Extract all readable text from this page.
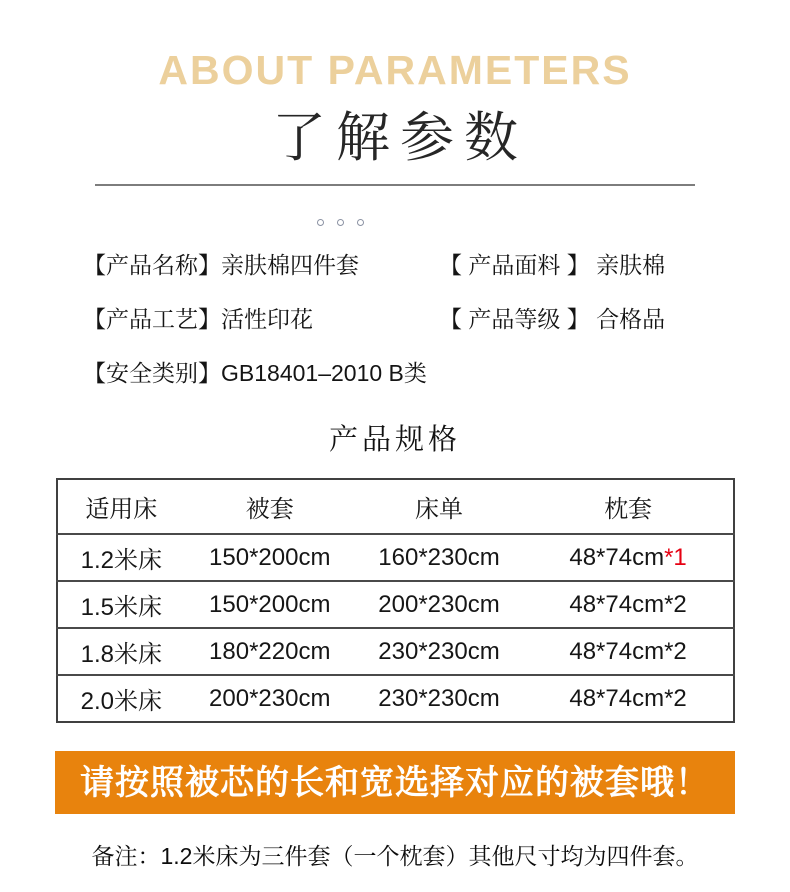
ABOUT PARAMETERS
了解参数
【产品名称】亲肤棉四件套	【 产品面料 】 亲肤棉
【产品工艺】活性印花	【 产品等级 】 合格品
【安全类别】GB18401–2010 B类
产品规格
适用床	被套	床单	枕套
1.2米床	150*200cm	160*230cm	48*74cm*1
1.5米床	150*200cm	200*230cm	48*74cm*2
1.8米床	180*220cm	230*230cm	48*74cm*2
2.0米床	200*230cm	230*230cm	48*74cm*2
请按照被芯的长和宽选择对应的被套哦！
备注：1.2米床为三件套（一个枕套）其他尺寸均为四件套。
